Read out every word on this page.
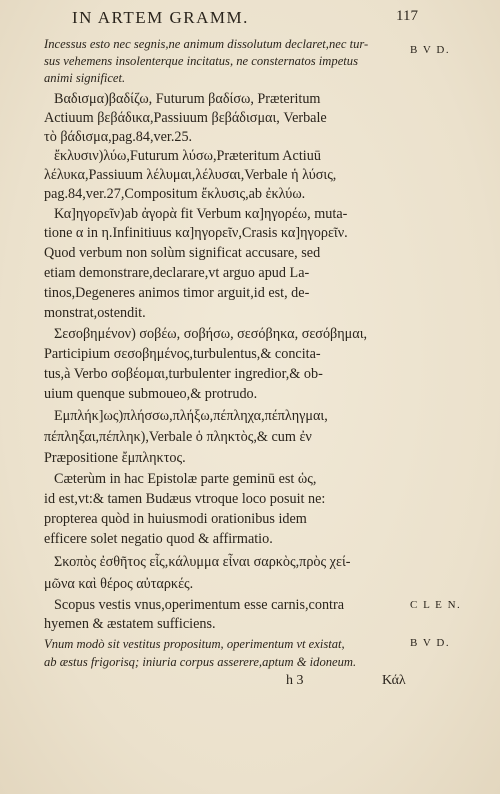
IN ARTEM GRAMM.	117
Incessus esto nec segnis,ne animum dissolutum declaret,nec tur-
sus vehemens insolenterque incitatus, ne consternatos impetus
animi significet.
B V D.
Βαδισμα)βαδίζω, Futurum βαδίσω, Præteritum
Actiuum βεβάδικα,Passiuum βεβάδισμαι, Verbale
τὸ βάδισμα,pag.84,ver.25.
ἔκλυσιν)λύω,Futurum λύσω,Præteritum Actiuū
λέλυκα,Passiuum λέλυμαι,λέλυσαι,Verbale ἡ λύσις,
pag.84,ver.27,Compositum ἔκλυσις,ab ἐκλύω.
Κα]ηγορεῖν)ab ἀγορὰ fit Verbum κα]ηγορέω, muta-
tione α in η.Infinitiuus κα]ηγορεῖν,Crasis κα]ηγορεῖν.
Quod verbum non solùm significat accusare, sed
etiam demonstrare,declarare,vt arguo apud La-
tinos,Degeneres animos timor arguit,id est, de-
monstrat,ostendit.
Σεσοβημένον) σοβέω, σοβήσω, σεσόβηκα, σεσόβημαι,
Participium σεσοβημένος,turbulentus,& concita-
tus,à Verbo σοβέομαι,turbulenter ingredior,& ob-
uium quenque submoueo,& protrudo.
Εμπλήκ]ως)πλήσσω,πλήξω,πέπληχα,πέπληγμαι,
πέπληξαι,πέπληκ),Verbale ὁ πληκτὸς,& cum ἐν
Præpositione ἔμπληκτος.
Cæterùm in hac Epistolæ parte geminū est ὡς,
id est,vt:& tamen Budæus vtroque loco posuit ne:
propterea quòd in huiusmodi orationibus idem
efficere solet negatio quod & affirmatio.
Σκοπὸς ἐσθῆτος εἷς,κάλυμμα εἶναι σαρκὸς,πρὸς χεί-
μῶνα καὶ θέρος αὐταρκές.
Scopus vestis vnus,operimentum esse carnis,contra	C L E N.
hyemen & æstatem sufficiens.
Vnum modò sit vestitus propositum, operimentum vt existat,	B V D.
ab æstus frigorisq; iniuria corpus asserere,aptum & idoneum.
h 3	Κάλ
